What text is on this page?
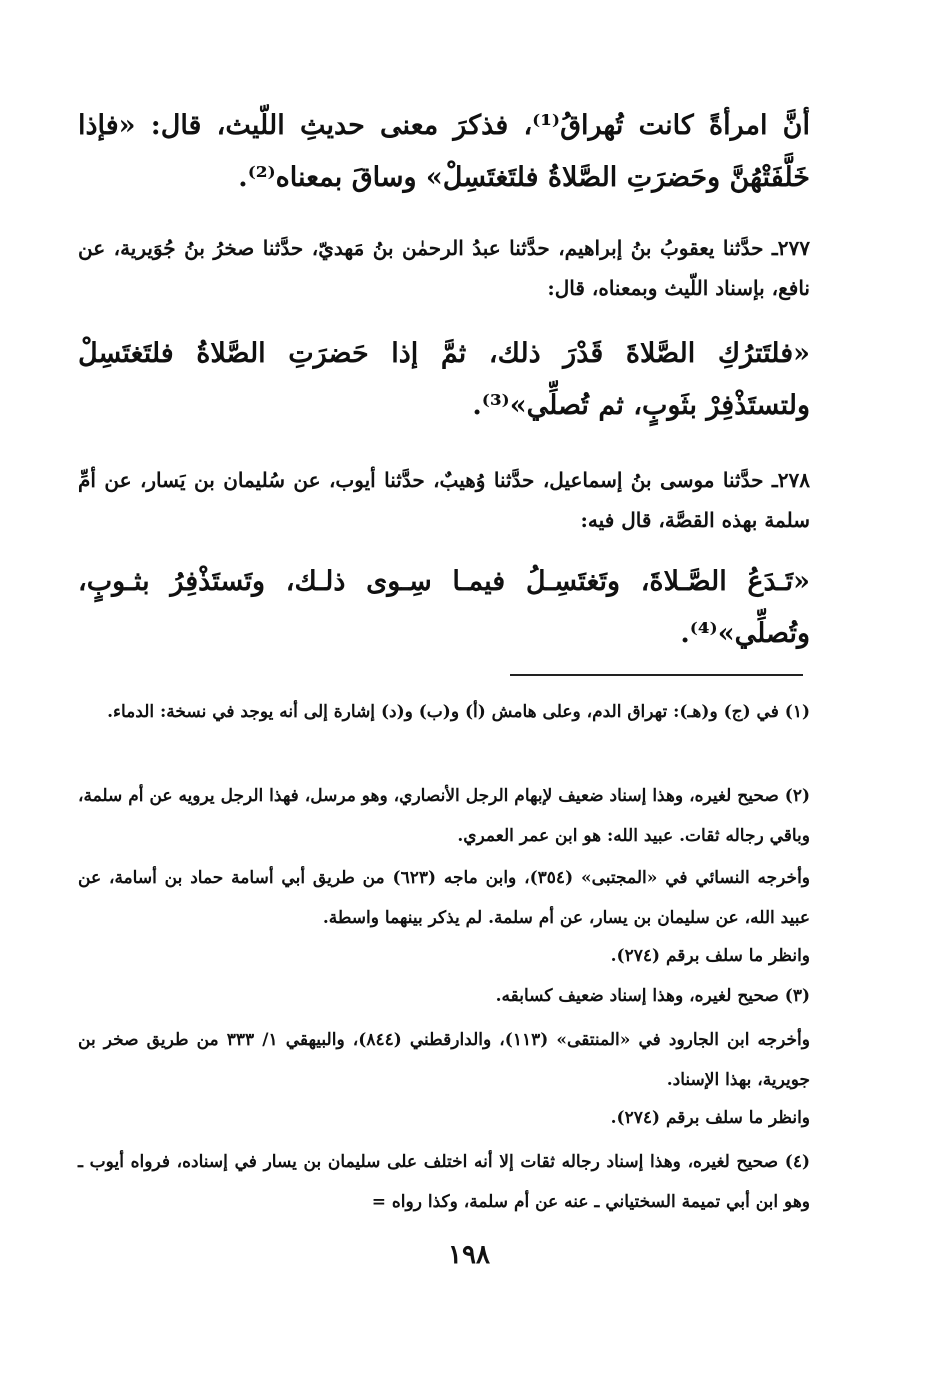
أنَّ امرأةً كانت تُهراقُ⁽¹⁾، فذكرَ معنى حديثِ اللّيث، قال: «فإذا خَلَّفَتْهُنَّ وحَضرَتِ الصَّلاةُ فلتَغتَسِلْ» وساقَ بمعناه⁽²⁾.
٢٧٧ـ حدَّثنا يعقوبُ بنُ إبراهيم، حدَّثنا عبدُ الرحمٰن بنُ مَهديّ، حدَّثنا صخرُ بنُ جُوَيرية، عن نافع، بإسناد اللّيث وبمعناه، قال:
«فلتَترُكِ الصَّلاةَ قَدْرَ ذلك، ثمَّ إذا حَضرَتِ الصَّلاةُ فلتَغتَسِلْ ولتستَذْفِرْ بثَوبٍ، ثم تُصلِّي»⁽³⁾.
٢٧٨ـ حدَّثنا موسى بنُ إسماعيل، حدَّثنا وُهيبٌ، حدَّثنا أيوب، عن سُليمان بن يَسار، عن أمِّ سلمة بهذه القصَّة، قال فيه:
«تَـدَعُ الصَّـلاةَ، وتَغتَسِـلُ فيمـا سِـوى ذلـك، وتَستَذْفِرُ بثـوبٍ، وتُصلِّي»⁽⁴⁾.
(١) في (ج) و(هـ): تهراق الدم، وعلى هامش (أ) و(ب) و(د) إشارة إلى أنه يوجد في نسخة: الدماء.
(٢) صحيح لغيره، وهذا إسناد ضعيف لإبهام الرجل الأنصاري، وهو مرسل، فهذا الرجل يرويه عن أم سلمة، وباقي رجاله ثقات. عبيد الله: هو ابن عمر العمري.
وأخرجه النسائي في «المجتبى» (٣٥٤)، وابن ماجه (٦٢٣) من طريق أبي أسامة حماد بن أسامة، عن عبيد الله، عن سليمان بن يسار، عن أم سلمة. لم يذكر بينهما واسطة.
وانظر ما سلف برقم (٢٧٤).
(٣) صحيح لغيره، وهذا إسناد ضعيف كسابقه.
وأخرجه ابن الجارود في «المنتقى» (١١٣)، والدارقطني (٨٤٤)، والبيهقي ١/ ٣٣٣ من طريق صخر بن جويرية، بهذا الإسناد.
وانظر ما سلف برقم (٢٧٤).
(٤) صحيح لغيره، وهذا إسناد رجاله ثقات إلا أنه اختلف على سليمان بن يسار في إسناده، فرواه أيوب ـ وهو ابن أبي تميمة السختياني ـ عنه عن أم سلمة، وكذا رواه =
١٩٨
